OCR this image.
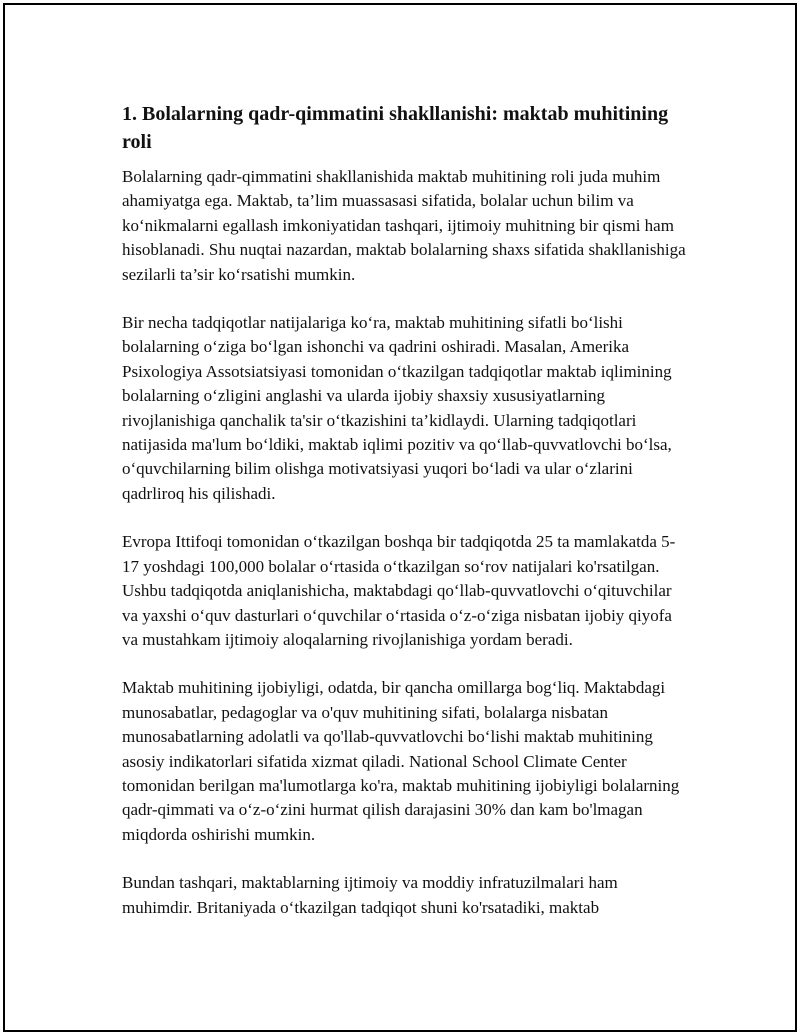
1. Bolalarning qadr-qimmatini shakllanishi: maktab muhitining roli

Bolalarning qadr-qimmatini shakllanishida maktab muhitining roli juda muhim ahamiyatga ega. Maktab, ta’lim muassasasi sifatida, bolalar uchun bilim va ko‘nikmalarni egallash imkoniyatidan tashqari, ijtimoiy muhitning bir qismi ham hisoblanadi. Shu nuqtai nazardan, maktab bolalarning shaxs sifatida shakllanishiga sezilarli ta’sir ko‘rsatishi mumkin.

Bir necha tadqiqotlar natijalariga ko‘ra, maktab muhitining sifatli bo‘lishi bolalarning o‘ziga bo‘lgan ishonchi va qadrini oshiradi. Masalan, Amerika Psixologiya Assotsiatsiyasi tomonidan o‘tkazilgan tadqiqotlar maktab iqlimining bolalarning o‘zligini anglashi va ularda ijobiy shaxsiy xususiyatlarning rivojlanishiga qanchalik ta'sir o‘tkazishini ta’kidlaydi. Ularning tadqiqotlari natijasida ma'lum bo‘ldiki, maktab iqlimi pozitiv va qo‘llab-quvvatlovchi bo‘lsa, o‘quvchilarning bilim olishga motivatsiyasi yuqori bo‘ladi va ular o‘zlarini qadrliroq his qilishadi.

Evropa Ittifoqi tomonidan o‘tkazilgan boshqa bir tadqiqotda 25 ta mamlakatda 5-17 yoshdagi 100,000 bolalar o‘rtasida o‘tkazilgan so‘rov natijalari ko'rsatilgan. Ushbu tadqiqotda aniqlanishicha, maktabdagi qo‘llab-quvvatlovchi o‘qituvchilar va yaxshi o‘quv dasturlari o‘quvchilar o‘rtasida o‘z-o‘ziga nisbatan ijobiy qiyofa va mustahkam ijtimoiy aloqalarning rivojlanishiga yordam beradi.

Maktab muhitining ijobiyligi, odatda, bir qancha omillarga bog‘liq. Maktabdagi munosabatlar, pedagoglar va o'quv muhitining sifati, bolalarga nisbatan munosabatlarning adolatli va qo'llab-quvvatlovchi bo‘lishi maktab muhitining asosiy indikatorlari sifatida xizmat qiladi. National School Climate Center tomonidan berilgan ma'lumotlarga ko'ra, maktab muhitining ijobiyligi bolalarning qadr-qimmati va o‘z-o‘zini hurmat qilish darajasini 30% dan kam bo'lmagan miqdorda oshirishi mumkin.

Bundan tashqari, maktablarning ijtimoiy va moddiy infratuzilmalari ham muhimdir. Britaniyada o‘tkazilgan tadqiqot shuni ko'rsatadiki, maktab
